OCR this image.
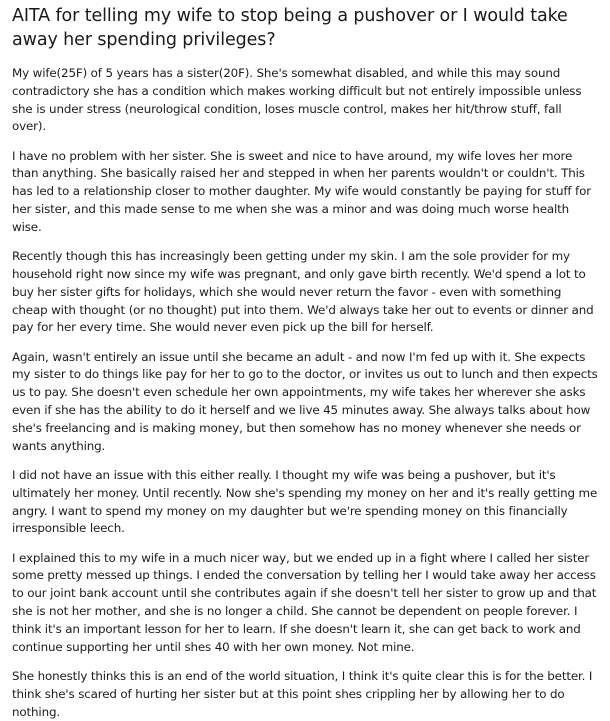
AITA for telling my wife to stop being a pushover or I would take away her spending privileges?

My wife(25F) of 5 years has a sister(20F). She's somewhat disabled, and while this may sound contradictory she has a condition which makes working difficult but not entirely impossible unless she is under stress (neurological condition, loses muscle control, makes her hit/throw stuff, fall over).

I have no problem with her sister. She is sweet and nice to have around, my wife loves her more than anything. She basically raised her and stepped in when her parents wouldn't or couldn't. This has led to a relationship closer to mother daughter. My wife would constantly be paying for stuff for her sister, and this made sense to me when she was a minor and was doing much worse health wise.

Recently though this has increasingly been getting under my skin. I am the sole provider for my household right now since my wife was pregnant, and only gave birth recently. We'd spend a lot to buy her sister gifts for holidays, which she would never return the favor - even with something cheap with thought (or no thought) put into them. We'd always take her out to events or dinner and pay for her every time. She would never even pick up the bill for herself.

Again, wasn't entirely an issue until she became an adult - and now I'm fed up with it. She expects my sister to do things like pay for her to go to the doctor, or invites us out to lunch and then expects us to pay. She doesn't even schedule her own appointments, my wife takes her wherever she asks even if she has the ability to do it herself and we live 45 minutes away. She always talks about how she's freelancing and is making money, but then somehow has no money whenever she needs or wants anything.

I did not have an issue with this either really. I thought my wife was being a pushover, but it's ultimately her money. Until recently. Now she's spending my money on her and it's really getting me angry. I want to spend my money on my daughter but we're spending money on this financially irresponsible leech.

I explained this to my wife in a much nicer way, but we ended up in a fight where I called her sister some pretty messed up things. I ended the conversation by telling her I would take away her access to our joint bank account until she contributes again if she doesn't tell her sister to grow up and that she is not her mother, and she is no longer a child. She cannot be dependent on people forever. I think it's an important lesson for her to learn. If she doesn't learn it, she can get back to work and continue supporting her until shes 40 with her own money. Not mine.

She honestly thinks this is an end of the world situation, I think it's quite clear this is for the better. I think she's scared of hurting her sister but at this point shes crippling her by allowing her to do nothing.
